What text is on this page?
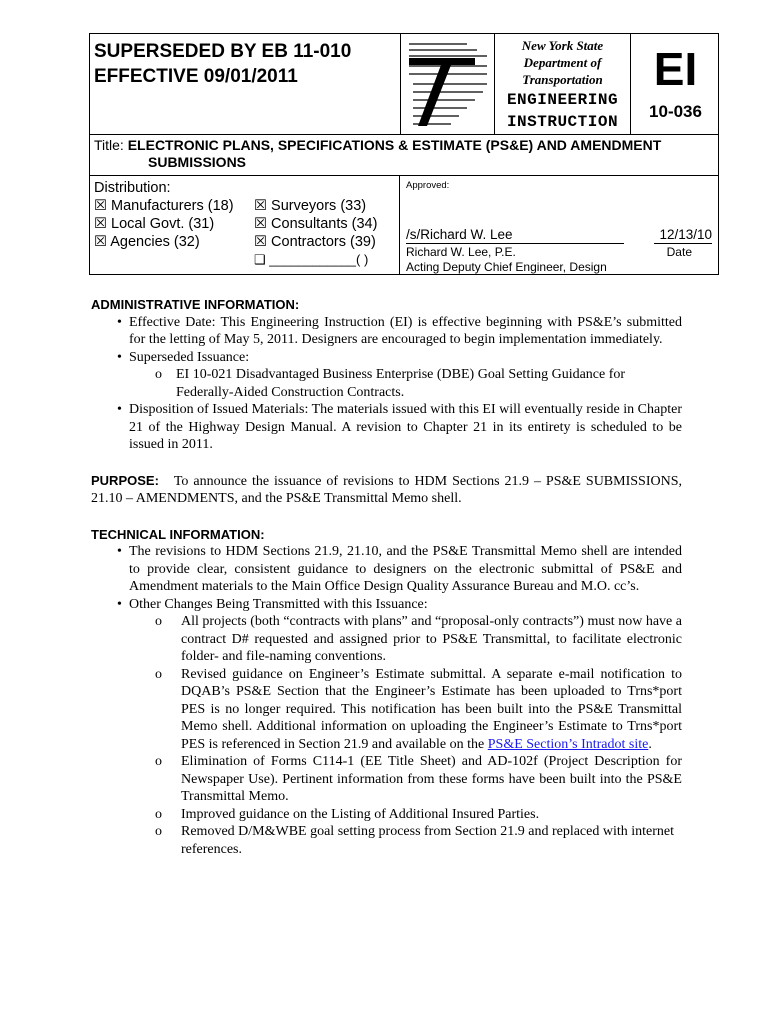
SUPERSEDED BY EB 11-010
EFFECTIVE 09/01/2011
New York State
Department of
Transportation
ENGINEERING
INSTRUCTION
EI
10-036
Title: ELECTRONIC PLANS, SPECIFICATIONS & ESTIMATE (PS&E) AND AMENDMENT
SUBMISSIONS
Distribution:
☒ Manufacturers (18)
☒ Local Govt. (31)
☒ Agencies (32)
☒ Surveyors (33)
☒ Consultants (34)
☒ Contractors (39)
❑ ____________( )
Approved:
/s/Richard W. Lee	12/13/10
Richard W. Lee, P.E.	Date
Acting Deputy Chief Engineer, Design
ADMINISTRATIVE INFORMATION:
• Effective Date: This Engineering Instruction (EI) is effective beginning with PS&E’s submitted for the letting of May 5, 2011. Designers are encouraged to begin implementation immediately.
• Superseded Issuance:
o EI 10-021 Disadvantaged Business Enterprise (DBE) Goal Setting Guidance for Federally-Aided Construction Contracts.
• Disposition of Issued Materials: The materials issued with this EI will eventually reside in Chapter 21 of the Highway Design Manual. A revision to Chapter 21 in its entirety is scheduled to be issued in 2011.
PURPOSE: To announce the issuance of revisions to HDM Sections 21.9 – PS&E SUBMISSIONS, 21.10 – AMENDMENTS, and the PS&E Transmittal Memo shell.
TECHNICAL INFORMATION:
• The revisions to HDM Sections 21.9, 21.10, and the PS&E Transmittal Memo shell are intended to provide clear, consistent guidance to designers on the electronic submittal of PS&E and Amendment materials to the Main Office Design Quality Assurance Bureau and M.O. cc’s.
• Other Changes Being Transmitted with this Issuance:
o All projects (both “contracts with plans” and “proposal-only contracts”) must now have a contract D# requested and assigned prior to PS&E Transmittal, to facilitate electronic folder- and file-naming conventions.
o Revised guidance on Engineer’s Estimate submittal. A separate e-mail notification to DQAB’s PS&E Section that the Engineer’s Estimate has been uploaded to Trns*port PES is no longer required. This notification has been built into the PS&E Transmittal Memo shell. Additional information on uploading the Engineer’s Estimate to Trns*port PES is referenced in Section 21.9 and available on the PS&E Section’s Intradot site.
o Elimination of Forms C114-1 (EE Title Sheet) and AD-102f (Project Description for Newspaper Use). Pertinent information from these forms have been built into the PS&E Transmittal Memo.
o Improved guidance on the Listing of Additional Insured Parties.
o Removed D/M&WBE goal setting process from Section 21.9 and replaced with internet references.
